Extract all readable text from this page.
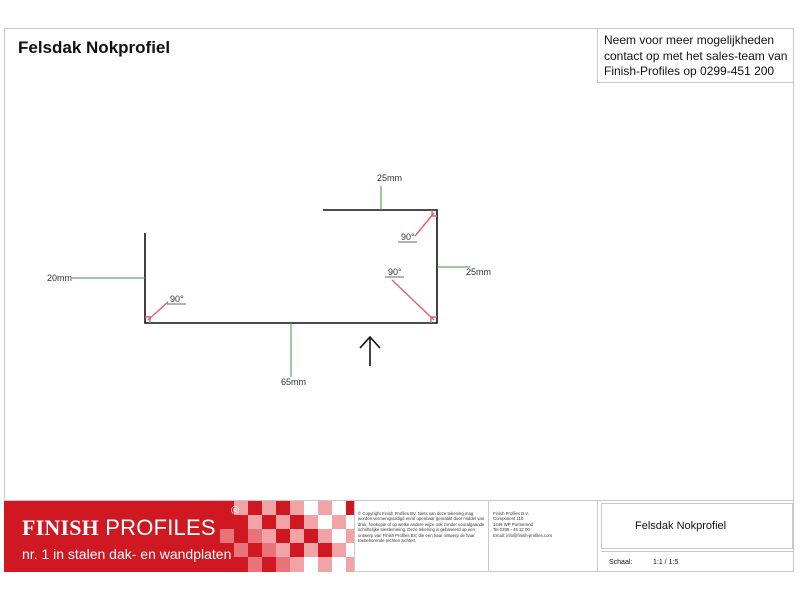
Felsdak Nokprofiel	Neem voor meer mogelijkheden
contact op met het sales-team van
Finish-Profiles op 0299-451 200
25mm
25mm
20mm
65mm
90°
90°
90°
FINISH PROFILES
®
nr. 1 in stalen dak- en wandplaten
© Copyright Finish Profiles BV. Niets van deze tekening mag worden vermenigvuldigd en/of openbaar gemaakt door middel van druk, fotokopie of op welke andere wijze ook zonder voorafgaande schriftelijke toestemming. Deze tekening is gebaseerd op een ontwerp van Finish Profiles BV, die een haar ontwerp de haar toebehorende rechten zichtert.
Finish Profiles B.V.
Component 110
1446 WP Purmerend
Tel 0299 - 45 12 00
Email: info@finish-profiles.com
Felsdak Nokprofiel
Schaal:	1:1 / 1:5
